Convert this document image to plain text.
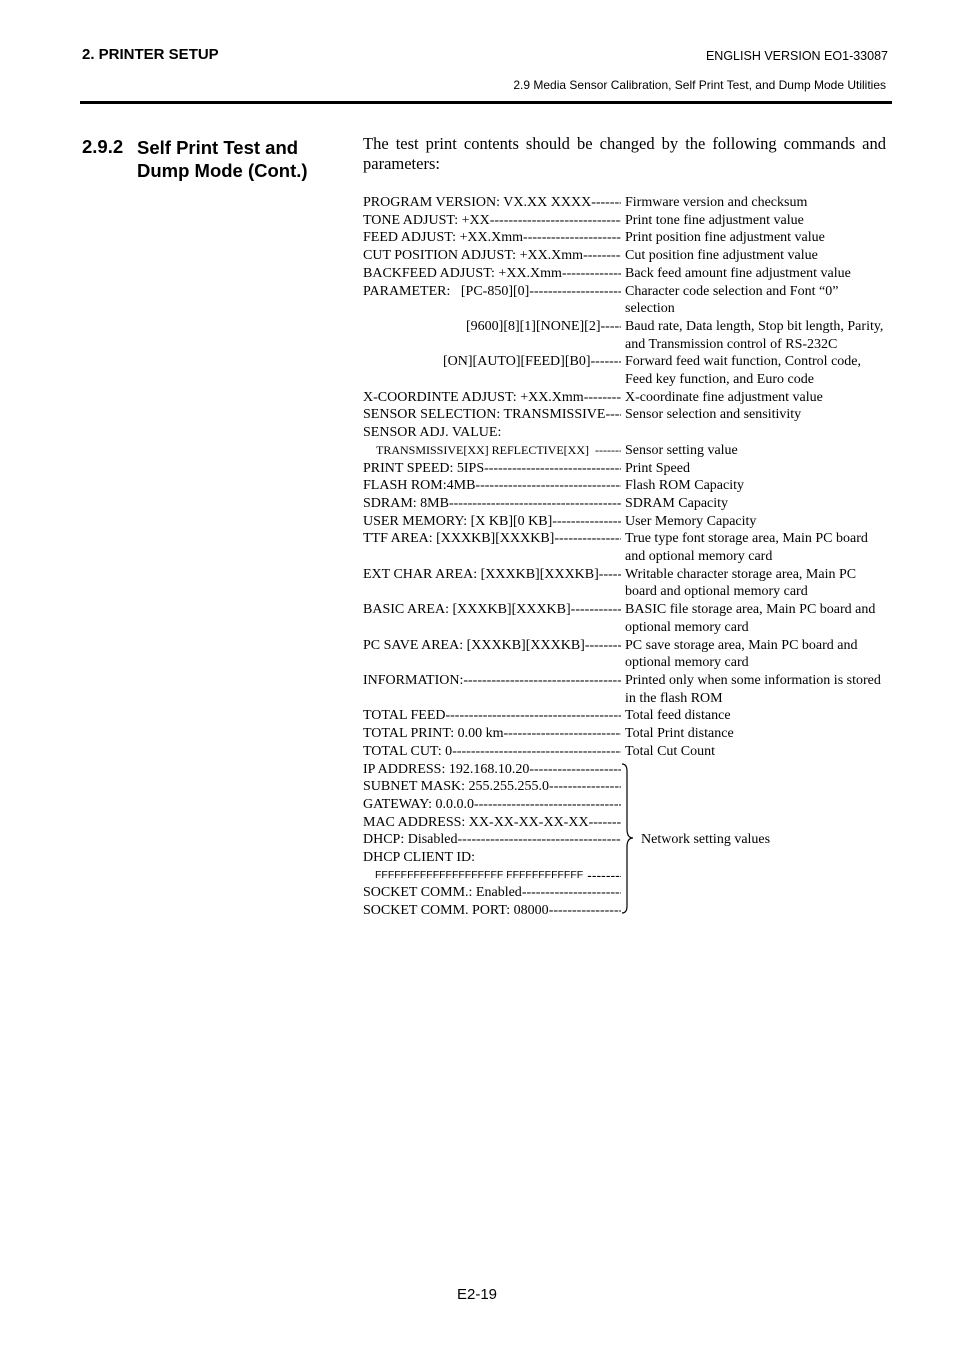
2. PRINTER SETUP	ENGLISH VERSION EO1-33087
2.9 Media Sensor Calibration, Self Print Test, and Dump Mode Utilities
2.9.2 Self Print Test and
Dump Mode (Cont.)

The test print contents should be changed by the following commands and parameters:

PROGRAM VERSION: VX.XX XXXX ----- Firmware version and checksum
TONE ADJUST: +XX -----	Print tone fine adjustment value
FEED ADJUST: +XX.Xmm -----	Print position fine adjustment value
CUT POSITION ADJUST: +XX.Xmm -----	Cut position fine adjustment value
BACKFEED ADJUST: +XX.Xmm -----	Back feed amount fine adjustment value
PARAMETER:   [PC-850][0] -----	Character code selection and Font “0” selection
[9600][8][1][NONE][2] ----- Baud rate, Data length, Stop bit length, Parity, and Transmission control of RS-232C
[ON][AUTO][FEED][B0] ----- Forward feed wait function, Control code, Feed key function, and Euro code
X-COORDINTE ADJUST: +XX.Xmm -----	X-coordinate fine adjustment value
SENSOR SELECTION: TRANSMISSIVE ----- Sensor selection and sensitivity
SENSOR ADJ. VALUE:
TRANSMISSIVE[XX] REFLECTIVE[XX] -----	Sensor setting value
PRINT SPEED: 5IPS -----	Print Speed
FLASH ROM:4MB -----	Flash ROM Capacity
SDRAM: 8MB -----	SDRAM Capacity
USER MEMORY: [X KB][0 KB] -----	User Memory Capacity
TTF AREA: [XXXKB][XXXKB] -----	True type font storage area, Main PC board and optional memory card
EXT CHAR AREA: [XXXKB][XXXKB] ----- Writable character storage area, Main PC board and optional memory card
BASIC AREA: [XXXKB][XXXKB] -----	BASIC file storage area, Main PC board and optional memory card
PC SAVE AREA: [XXXKB][XXXKB] -----	PC save storage area, Main PC board and optional memory card
INFORMATION: -----	Printed only when some information is stored in the flash ROM
TOTAL FEED -----	Total feed distance
TOTAL PRINT: 0.00 km -----	Total Print distance
TOTAL CUT: 0 -----	Total Cut Count
IP ADDRESS: 192.168.10.20
-----
SUBNET MASK: 255.255.255.0
-----
GATEWAY: 0.0.0.0
-----
MAC ADDRESS: XX-XX-XX-XX-XX
-----
DHCP: Disabled
-----
DHCP CLIENT ID:
FFFFFFFFFFFFFFFFFFFF FFFFFFFFFFFF
-----
SOCKET COMM.: Enabled
-----
SOCKET COMM. PORT: 08000
-----
Network setting values
E2-19
